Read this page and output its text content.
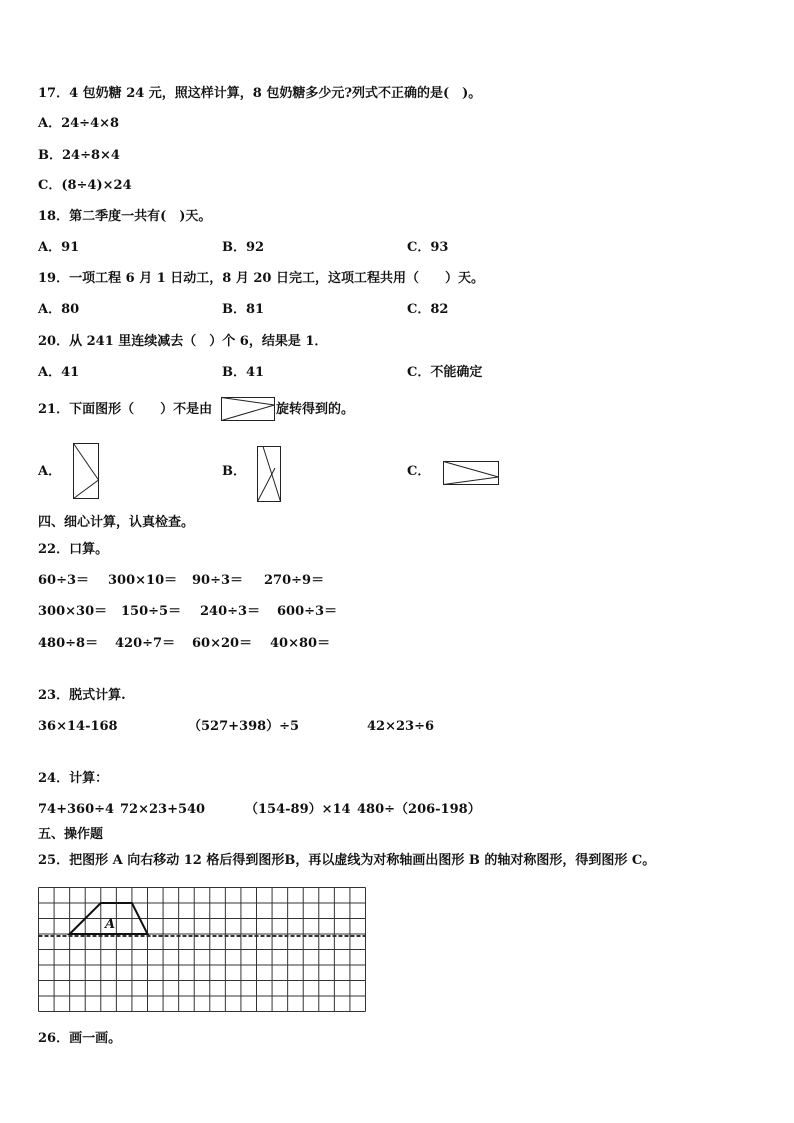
17．4 包奶糖 24 元，照这样计算，8 包奶糖多少元?列式不正确的是(　)。
A．24÷4×8
B．24÷8×4
C．(8÷4)×24
18．第二季度一共有(　)天。
A．91	B．92	C．93
19．一项工程 6 月 1 日动工，8 月 20 日完工，这项工程共用（　　）天。
A．80	B．81	C．82
20．从 241 里连续减去（　）个 6，结果是 1．
A．41	B．41	C．不能确定
21．下面图形（　　）不是由	旋转得到的。
A．	B．	C．
四、细心计算，认真检查。
22．口算。
60÷3＝ 300×10＝ 90÷3＝ 270÷9＝
300×30＝ 150÷5＝ 240÷3＝ 600÷3＝
480÷8＝ 420÷7＝ 60×20＝ 40×80＝
23．脱式计算.
36×14-168	（527+398）÷5	42×23÷6
24．计算：
74+360÷4 72×23+540	（154-89）×14 480÷（206-198）
五、操作题
25．把图形 A 向右移动 12 格后得到图形B，再以虚线为对称轴画出图形 B 的轴对称图形，得到图形 C。
A
26．画一画。
